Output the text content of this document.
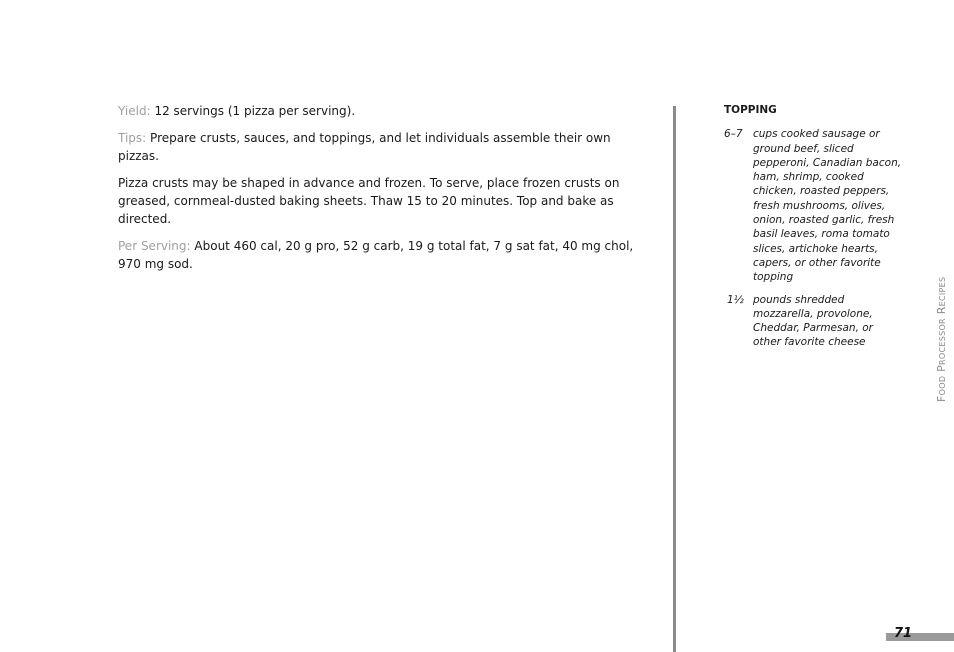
Yield: 12 servings (1 pizza per serving).

Tips: Prepare crusts, sauces, and toppings, and let individuals assemble their own pizzas.

Pizza crusts may be shaped in advance and frozen. To serve, place frozen crusts on greased, cornmeal-dusted baking sheets. Thaw 15 to 20 minutes. Top and bake as directed.

Per Serving: About 460 cal, 20 g pro, 52 g carb, 19 g total fat, 7 g sat fat, 40 mg chol, 970 mg sod.

TOPPING
6–7 cups cooked sausage or ground beef, sliced pepperoni, Canadian bacon, ham, shrimp, cooked chicken, roasted peppers, fresh mushrooms, olives, onion, roasted garlic, fresh basil leaves, roma tomato slices, artichoke hearts, capers, or other favorite topping
1½ pounds shredded mozzarella, provolone, Cheddar, Parmesan, or other favorite cheese	Food Processor Recipes
71
